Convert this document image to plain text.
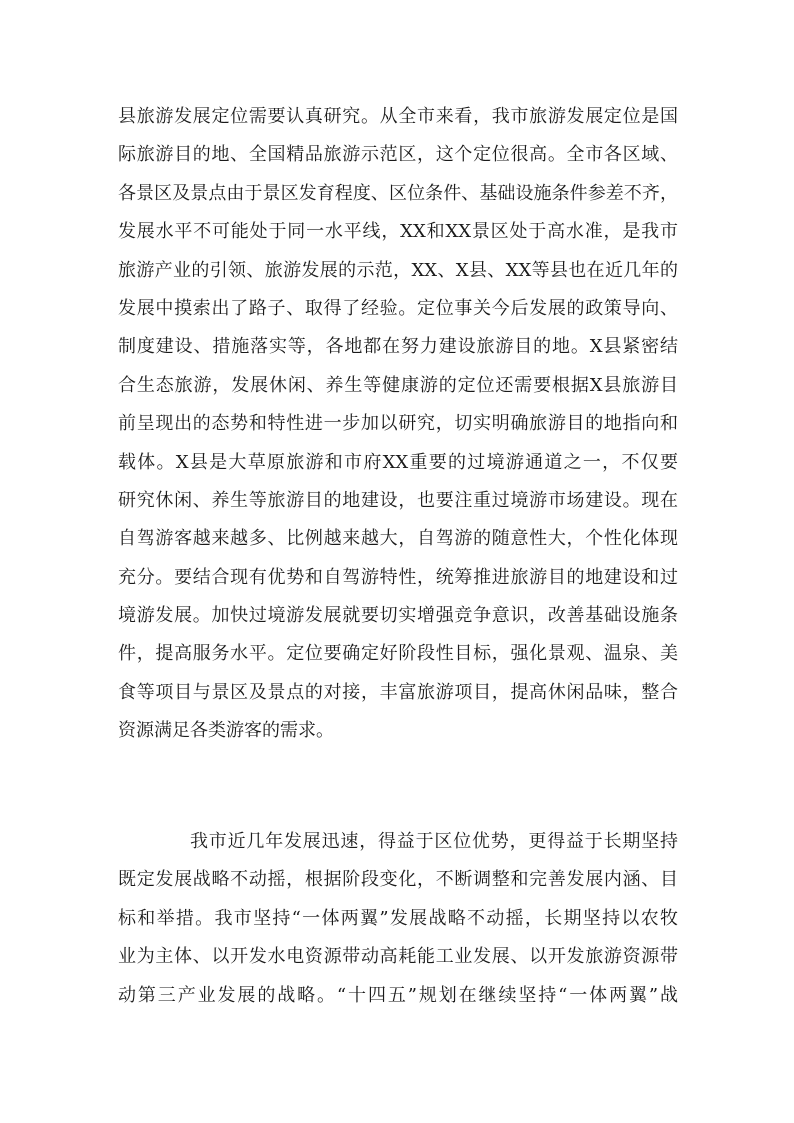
县旅游发展定位需要认真研究。从全市来看，我市旅游发展定位是国
际旅游目的地、全国精品旅游示范区，这个定位很高。全市各区域、
各景区及景点由于景区发育程度、区位条件、基础设施条件参差不齐，
发展水平不可能处于同一水平线，XX和XX景区处于高水准，是我市
旅游产业的引领、旅游发展的示范，XX、X县、XX等县也在近几年的
发展中摸索出了路子、取得了经验。定位事关今后发展的政策导向、
制度建设、措施落实等，各地都在努力建设旅游目的地。X县紧密结
合生态旅游，发展休闲、养生等健康游的定位还需要根据X县旅游目
前呈现出的态势和特性进一步加以研究，切实明确旅游目的地指向和
载体。X县是大草原旅游和市府XX重要的过境游通道之一，不仅要
研究休闲、养生等旅游目的地建设，也要注重过境游市场建设。现在
自驾游客越来越多、比例越来越大，自驾游的随意性大，个性化体现
充分。要结合现有优势和自驾游特性，统筹推进旅游目的地建设和过
境游发展。加快过境游发展就要切实增强竞争意识，改善基础设施条
件，提高服务水平。定位要确定好阶段性目标，强化景观、温泉、美
食等项目与景区及景点的对接，丰富旅游项目，提高休闲品味，整合
资源满足各类游客的需求。
我市近几年发展迅速，得益于区位优势，更得益于长期坚持
既定发展战略不动摇，根据阶段变化，不断调整和完善发展内涵、目
标和举措。我市坚持“一体两翼”发展战略不动摇，长期坚持以农牧
业为主体、以开发水电资源带动高耗能工业发展、以开发旅游资源带
动第三产业发展的战略。“十四五”规划在继续坚持“一体两翼”战
